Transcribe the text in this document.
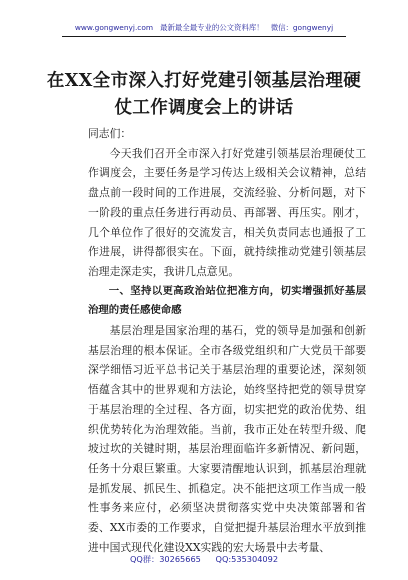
www.gongwenyj.com 最新最全最专业的公文资料库！ 微信：gongwenyj
在XX全市深入打好党建引领基层治理硬
仗工作调度会上的讲话

同志们：

今天我们召开全市深入打好党建引领基层治理硬仗工作调度会，主要任务是学习传达上级相关会议精神，总结盘点前一段时间的工作进展，交流经验、分析问题，对下一阶段的重点任务进行再动员、再部署、再压实。刚才，几个单位作了很好的交流发言，相关负责同志也通报了工作进展，讲得都很实在。下面，就持续推动党建引领基层治理走深走实，我讲几点意见。

一、坚持以更高政治站位把准方向，切实增强抓好基层治理的责任感使命感

基层治理是国家治理的基石，党的领导是加强和创新基层治理的根本保证。全市各级党组织和广大党员干部要深学细悟习近平总书记关于基层治理的重要论述，深刻领悟蕴含其中的世界观和方法论，始终坚持把党的领导贯穿于基层治理的全过程、各方面，切实把党的政治优势、组织优势转化为治理效能。当前，我市正处在转型升级、爬坡过坎的关键时期，基层治理面临许多新情况、新问题，任务十分艰巨繁重。大家要清醒地认识到，抓基层治理就是抓发展、抓民生、抓稳定。决不能把这项工作当成一般性事务来应付，必须坚决贯彻落实党中央决策部署和省委、XX市委的工作要求，自觉把提升基层治理水平放到推进中国式现代化建设XX实践的宏大场景中去考量、

QQ群：30265665 QQ:535304092
